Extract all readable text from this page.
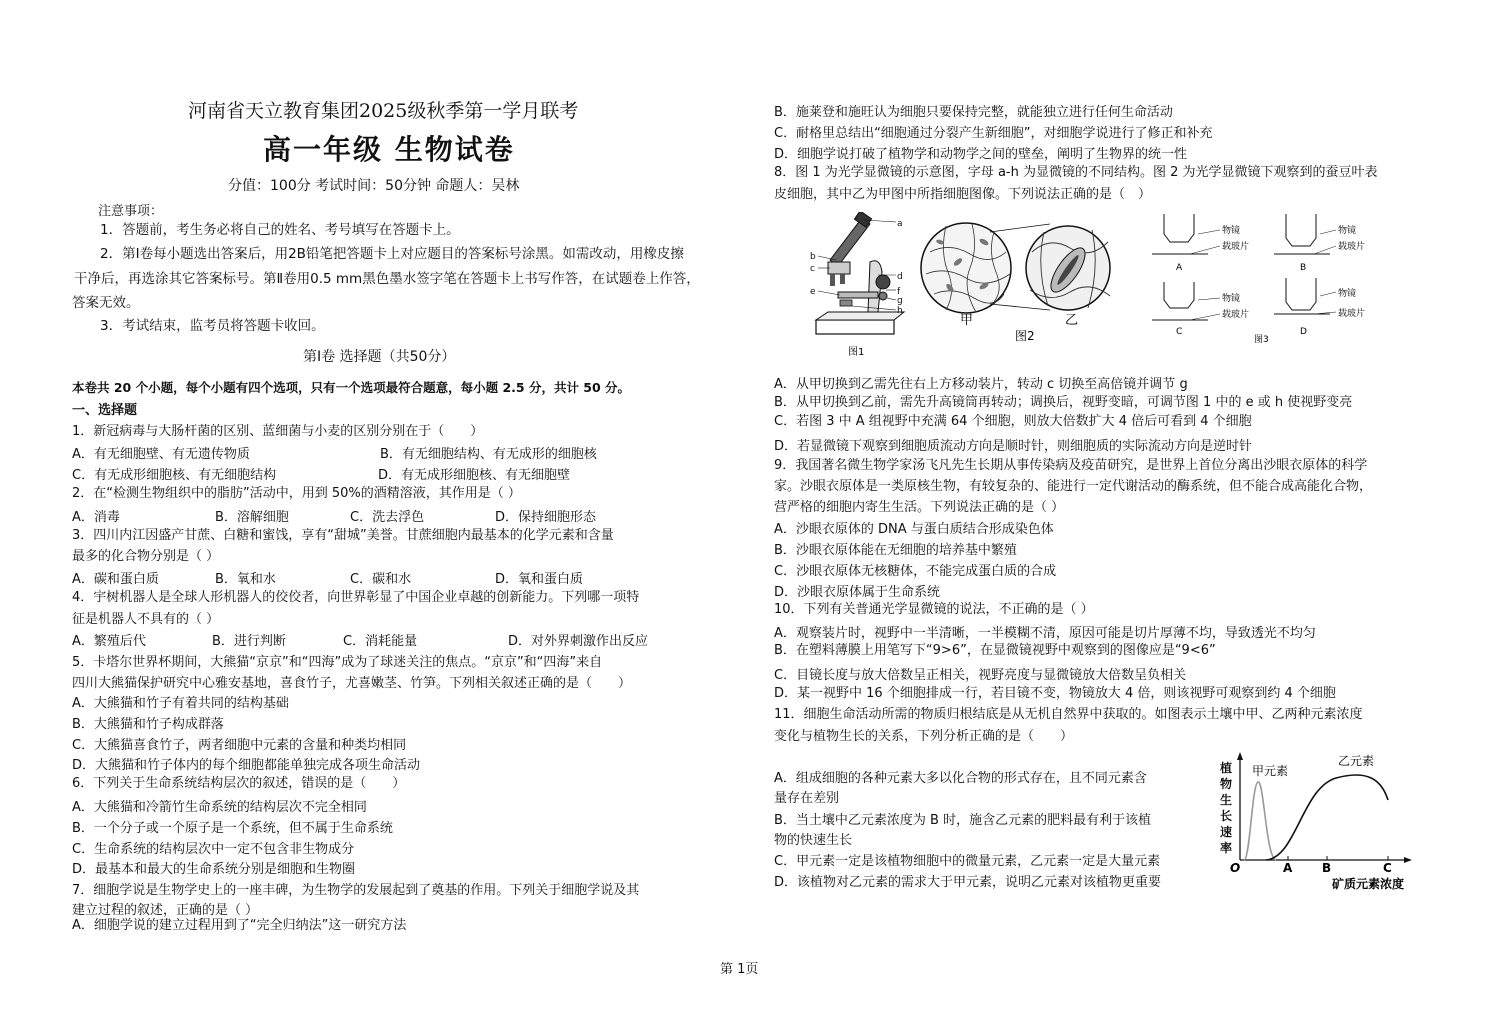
河南省天立教育集团2025级秋季第一学月联考
高一年级 生物试卷
分值：100分 考试时间：50分钟 命题人：吴林
注意事项：
1．答题前，考生务必将自己的姓名、考号填写在答题卡上。
2．第Ⅰ卷每小题选出答案后，用2B铅笔把答题卡上对应题目的答案标号涂黑。如需改动，用橡皮擦
干净后，再选涂其它答案标号。第Ⅱ卷用0.5 mm黑色墨水签字笔在答题卡上书写作答，在试题卷上作答，
答案无效。
3．考试结束，监考员将答题卡收回。
第Ⅰ卷 选择题（共50分）
本卷共 20 个小题，每个小题有四个选项，只有一个选项最符合题意，每小题 2.5 分，共计 50 分。
一、选择题
1．新冠病毒与大肠杆菌的区别、蓝细菌与小麦的区别分别在于（　　）
A．有无细胞壁、有无遗传物质	B．有无细胞结构、有无成形的细胞核
C．有无成形细胞核、有无细胞结构	D．有无成形细胞核、有无细胞壁
2．在“检测生物组织中的脂肪”活动中，用到 50%的酒精溶液，其作用是（ ）
A．消毒	B．溶解细胞	C．洗去浮色	D．保持细胞形态
3．四川内江因盛产甘蔗、白糖和蜜饯，享有“甜城”美誉。甘蔗细胞内最基本的化学元素和含量
最多的化合物分别是（ ）
A．碳和蛋白质	B．氧和水	C．碳和水	D．氧和蛋白质
4．宇树机器人是全球人形机器人的佼佼者，向世界彰显了中国企业卓越的创新能力。下列哪一项特
征是机器人不具有的（ ）
A．繁殖后代	B．进行判断	C．消耗能量	D．对外界刺激作出反应
5．卡塔尔世界杯期间，大熊猫“京京”和“四海”成为了球迷关注的焦点。“京京”和“四海”来自
四川大熊猫保护研究中心雅安基地，喜食竹子，尤喜嫩茎、竹笋。下列相关叙述正确的是（　　）
A．大熊猫和竹子有着共同的结构基础
B．大熊猫和竹子构成群落
C．大熊猫喜食竹子，两者细胞中元素的含量和种类均相同
D．大熊猫和竹子体内的每个细胞都能单独完成各项生命活动
6．下列关于生命系统结构层次的叙述，错误的是（　　）
A．大熊猫和冷箭竹生命系统的结构层次不完全相同
B．一个分子或一个原子是一个系统，但不属于生命系统
C．生命系统的结构层次中一定不包含非生物成分
D．最基本和最大的生命系统分别是细胞和生物圈
7．细胞学说是生物学史上的一座丰碑，为生物学的发展起到了奠基的作用。下列关于细胞学说及其
建立过程的叙述，正确的是（ ）
A．细胞学说的建立过程用到了“完全归纳法”这一研究方法
B．施莱登和施旺认为细胞只要保持完整，就能独立进行任何生命活动
C．耐格里总结出“细胞通过分裂产生新细胞”，对细胞学说进行了修正和补充
D．细胞学说打破了植物学和动物学之间的壁垒，阐明了生物界的统一性
8．图 1 为光学显微镜的示意图，字母 a-h 为显微镜的不同结构。图 2 为光学显微镜下观察到的蚕豆叶表
皮细胞，其中乙为甲图中所指细胞图像。下列说法正确的是（　）
a
b
c
d
e	f
g
h
图1
甲
图2
乙
物镜
载玻片
A
物镜
载玻片
B
物镜
载玻片
C
物镜
载玻片
D
图3
A．从甲切换到乙需先往右上方移动装片，转动 c 切换至高倍镜并调节 g
B．从甲切换到乙前，需先升高镜筒再转动；调换后，视野变暗，可调节图 1 中的 e 或 h 使视野变亮
C．若图 3 中 A 组视野中充满 64 个细胞，则放大倍数扩大 4 倍后可看到 4 个细胞
D．若显微镜下观察到细胞质流动方向是顺时针，则细胞质的实际流动方向是逆时针
9．我国著名微生物学家汤飞凡先生长期从事传染病及疫苗研究，是世界上首位分离出沙眼衣原体的科学
家。沙眼衣原体是一类原核生物，有较复杂的、能进行一定代谢活动的酶系统，但不能合成高能化合物，
营严格的细胞内寄生生活。下列说法正确的是（ ）
A．沙眼衣原体的 DNA 与蛋白质结合形成染色体
B．沙眼衣原体能在无细胞的培养基中繁殖
C．沙眼衣原体无核糖体，不能完成蛋白质的合成
D．沙眼衣原体属于生命系统
10．下列有关普通光学显微镜的说法，不正确的是（ ）
A．观察装片时，视野中一半清晰，一半模糊不清，原因可能是切片厚薄不均，导致透光不均匀
B．在塑料薄膜上用笔写下“9>6”，在显微镜视野中观察到的图像应是“9<6”
C．目镜长度与放大倍数呈正相关，视野亮度与显微镜放大倍数呈负相关
D．某一视野中 16 个细胞排成一行，若目镜不变，物镜放大 4 倍，则该视野可观察到约 4 个细胞
11．细胞生命活动所需的物质归根结底是从无机自然界中获取的。如图表示土壤中甲、乙两种元素浓度
变化与植物生长的关系，下列分析正确的是（　　）
A．组成细胞的各种元素大多以化合物的形式存在，且不同元素含
量存在差别
B．当土壤中乙元素浓度为 B 时，施含乙元素的肥料最有利于该植
物的快速生长
C．甲元素一定是该植物细胞中的微量元素，乙元素一定是大量元素
D．该植物对乙元素的需求大于甲元素，说明乙元素对该植物更重要
植
物
生
长
速
率
甲元素
乙元素
O	A B	C
矿质元素浓度
第 1页
